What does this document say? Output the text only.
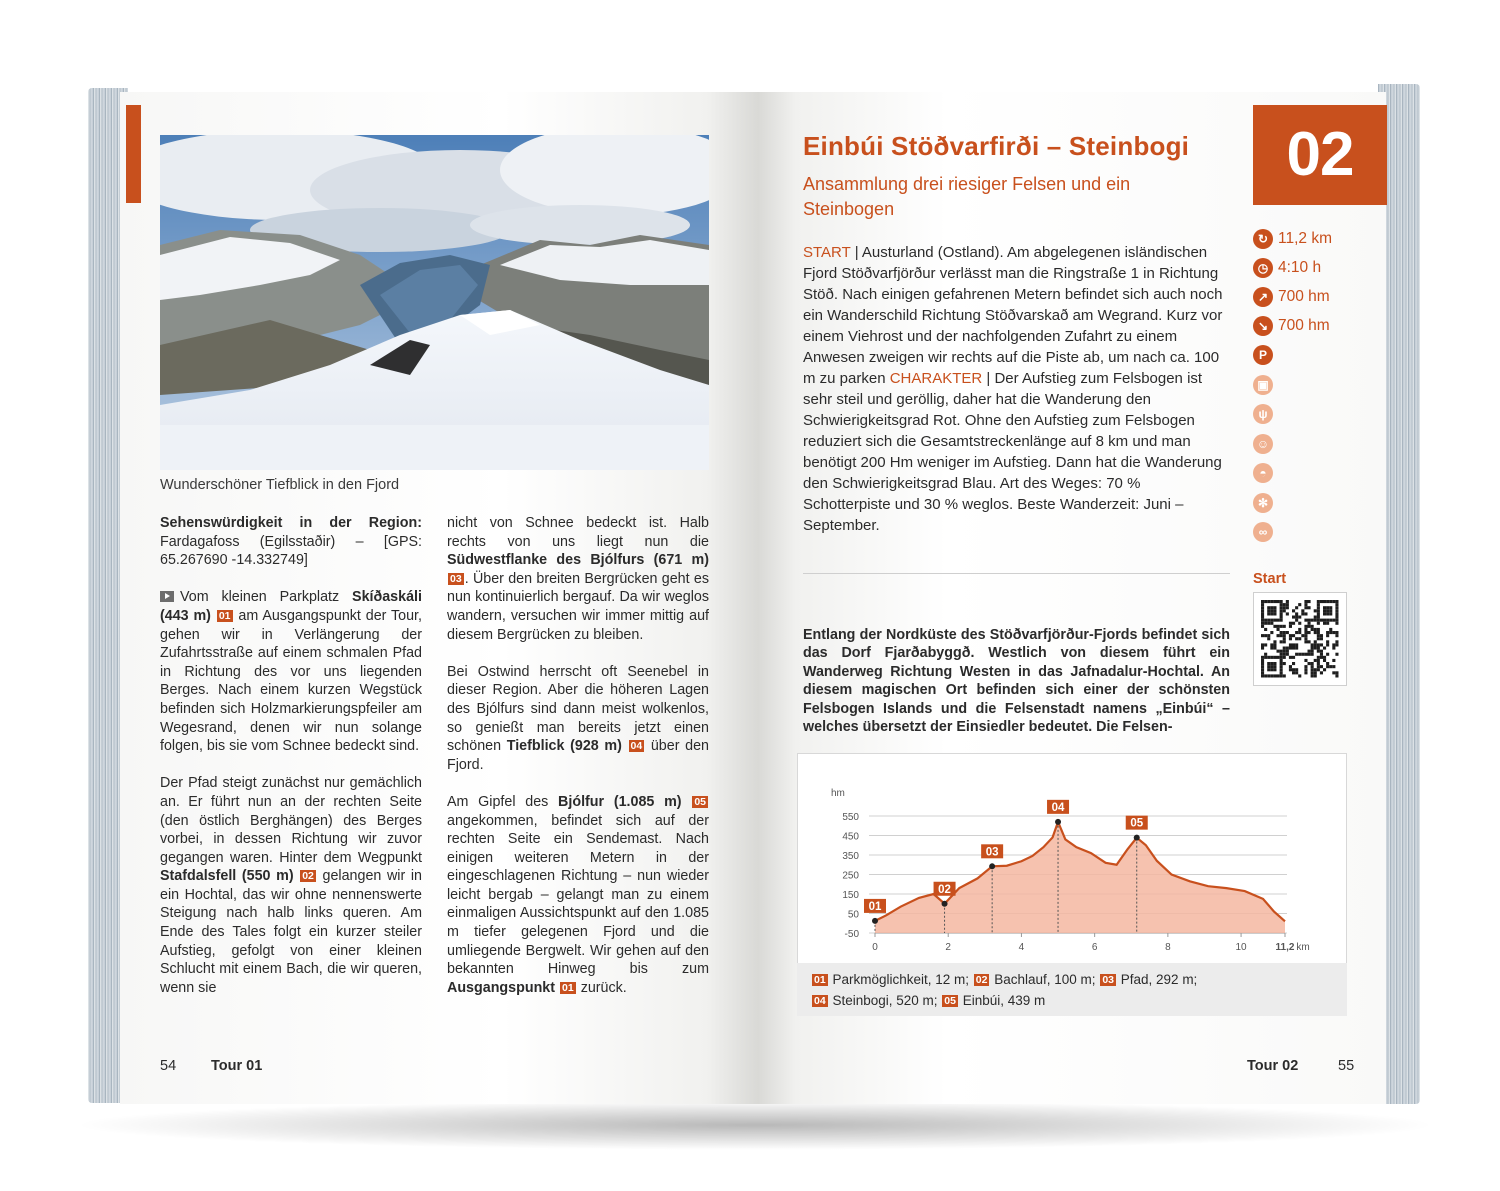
Wunderschöner Tiefblick in den Fjord

Sehenswürdigkeit in der Region: Fardagafoss (Egilsstaðir) – [GPS: 65.267690 -14.332749]

Vom kleinen Parkplatz Skíðaskáli (443 m) 01 am Ausgangspunkt der Tour, gehen wir in Verlängerung der Zufahrtsstraße auf einem schmalen Pfad in Richtung des vor uns liegenden Berges. Nach einem kurzen Wegstück befinden sich Holzmarkierungspfeiler am Wegesrand, denen wir nun solange folgen, bis sie vom Schnee bedeckt sind.

Der Pfad steigt zunächst nur gemächlich an. Er führt nun an der rechten Seite (den östlich Berghängen) des Berges vorbei, in dessen Richtung wir zuvor gegangen waren. Hinter dem Wegpunkt Stafdalsfell (550 m) 02 gelangen wir in ein Hochtal, das wir ohne nennenswerte Steigung nach halb links queren. Am Ende des Tales folgt ein kurzer steiler Aufstieg, gefolgt von einer kleinen Schlucht mit einem Bach, die wir queren, wenn sie

nicht von Schnee bedeckt ist. Halb rechts von uns liegt nun die Südwestflanke des Bjólfurs (671 m) 03 . Über den breiten Bergrücken geht es nun kontinuierlich bergauf. Da wir weglos wandern, versuchen wir immer mittig auf diesem Bergrücken zu bleiben.

Bei Ostwind herrscht oft Seenebel in dieser Region. Aber die höheren Lagen des Bjólfurs sind dann meist wolkenlos, so genießt man bereits jetzt einen schönen Tiefblick (928 m) 04 über den Fjord.

Am Gipfel des Bjólfur (1.085 m) 05 angekommen, befindet sich auf der rechten Seite ein Sendemast. Nach einigen weiteren Metern in der eingeschlagenen Richtung – nun wieder leicht bergab – gelangt man zu einem einmaligen Aussichtspunkt auf den 1.085 m tiefer gelegenen Fjord und die umliegende Bergwelt. Wir gehen auf den bekannten Hinweg bis zum Ausgangspunkt 01 zurück.

54 Tour 01
Einbúi Stöðvarfirði – Steinbogi
Ansammlung drei riesiger Felsen und ein Steinbogen
START | Austurland (Ostland). Am abgelegenen isländischen Fjord Stöðvarfjörður verlässt man die Ringstraße 1 in Richtung Stöð. Nach einigen gefahrenen Metern befindet sich auch noch ein Wanderschild Richtung Stöðvarskað am Wegrand. Kurz vor einem Viehrost und der nachfolgenden Zufahrt zu einem Anwesen zweigen wir rechts auf die Piste ab, um nach ca. 100 m zu parken CHARAKTER | Der Aufstieg zum Felsbogen ist sehr steil und geröllig, daher hat die Wanderung den Schwierigkeitsgrad Rot. Ohne den Aufstieg zum Felsbogen reduziert sich die Gesamtstreckenlänge auf 8 km und man benötigt 200 Hm weniger im Aufstieg. Dann hat die Wanderung den Schwierigkeitsgrad Blau. Art des Weges: 70 % Schotterpiste und 30 % weglos. Beste Wanderzeit: Juni – September.
Entlang der Nordküste des Stöðvarfjörður-Fjords befindet sich das Dorf Fjarðabyggð. Westlich von diesem führt ein Wanderweg Richtung Westen in das Jafnadalur-Hochtal. An diesem magischen Ort befinden sich einer der schönsten Felsbogen Islands und die Felsenstadt namens „Einbúi“ – welches übersetzt der Einsiedler bedeutet. Die Felsen-
02
↻ 11,2 km
◷ 4:10 h
↗ 700 hm
↘ 700 hm
P
▣
ψ
☺
◓
✻
∞
Start
-50
50
150
250
350
450
550
hm
0	2	4	6	8	10	11,2 km
01
02
03
04
05
01 Parkmöglichkeit, 12 m; 02 Bachlauf, 100 m; 03 Pfad, 292 m;
04 Steinbogi, 520 m; 05 Einbúi, 439 m
Tour 02	55
